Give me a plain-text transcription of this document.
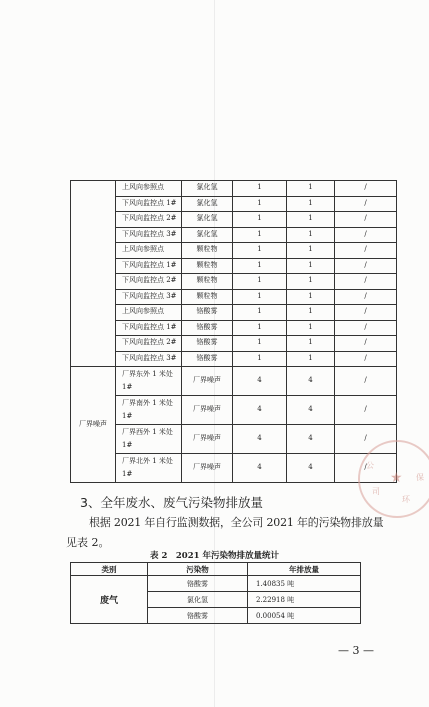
	上风向参照点	氯化氢	1	1	/
	下风向监控点 1#	氯化氢	1	1	/
	下风向监控点 2#	氯化氢	1	1	/
	下风向监控点 3#	氯化氢	1	1	/
	上风向参照点	颗粒物	1	1	/
	下风向监控点 1#	颗粒物	1	1	/
	下风向监控点 2#	颗粒物	1	1	/
	下风向监控点 3#	颗粒物	1	1	/
	上风向参照点	铬酸雾	1	1	/
	下风向监控点 1#	铬酸雾	1	1	/
	下风向监控点 2#	铬酸雾	1	1	/
	下风向监控点 3#	铬酸雾	1	1	/
厂界噪声	厂界东外 1 米处 1#	厂界噪声	4	4	/
	厂界南外 1 米处 1#	厂界噪声	4	4	/
	厂界西外 1 米处 1#	厂界噪声	4	4	/
	厂界北外 1 米处 1#	厂界噪声	4	4	/
3、全年废水、废气污染物排放量
根据 2021 年自行监测数据，全公司 2021 年的污染物排放量
见表 2。
表 2　2021 年污染物排放量统计
类别	污染物	年排放量
废气	铬酸雾	1.40835 吨
	氯化氢	2.22918 吨
	铬酸雾	0.00054 吨
— 3 —
公
司
环
保
★
